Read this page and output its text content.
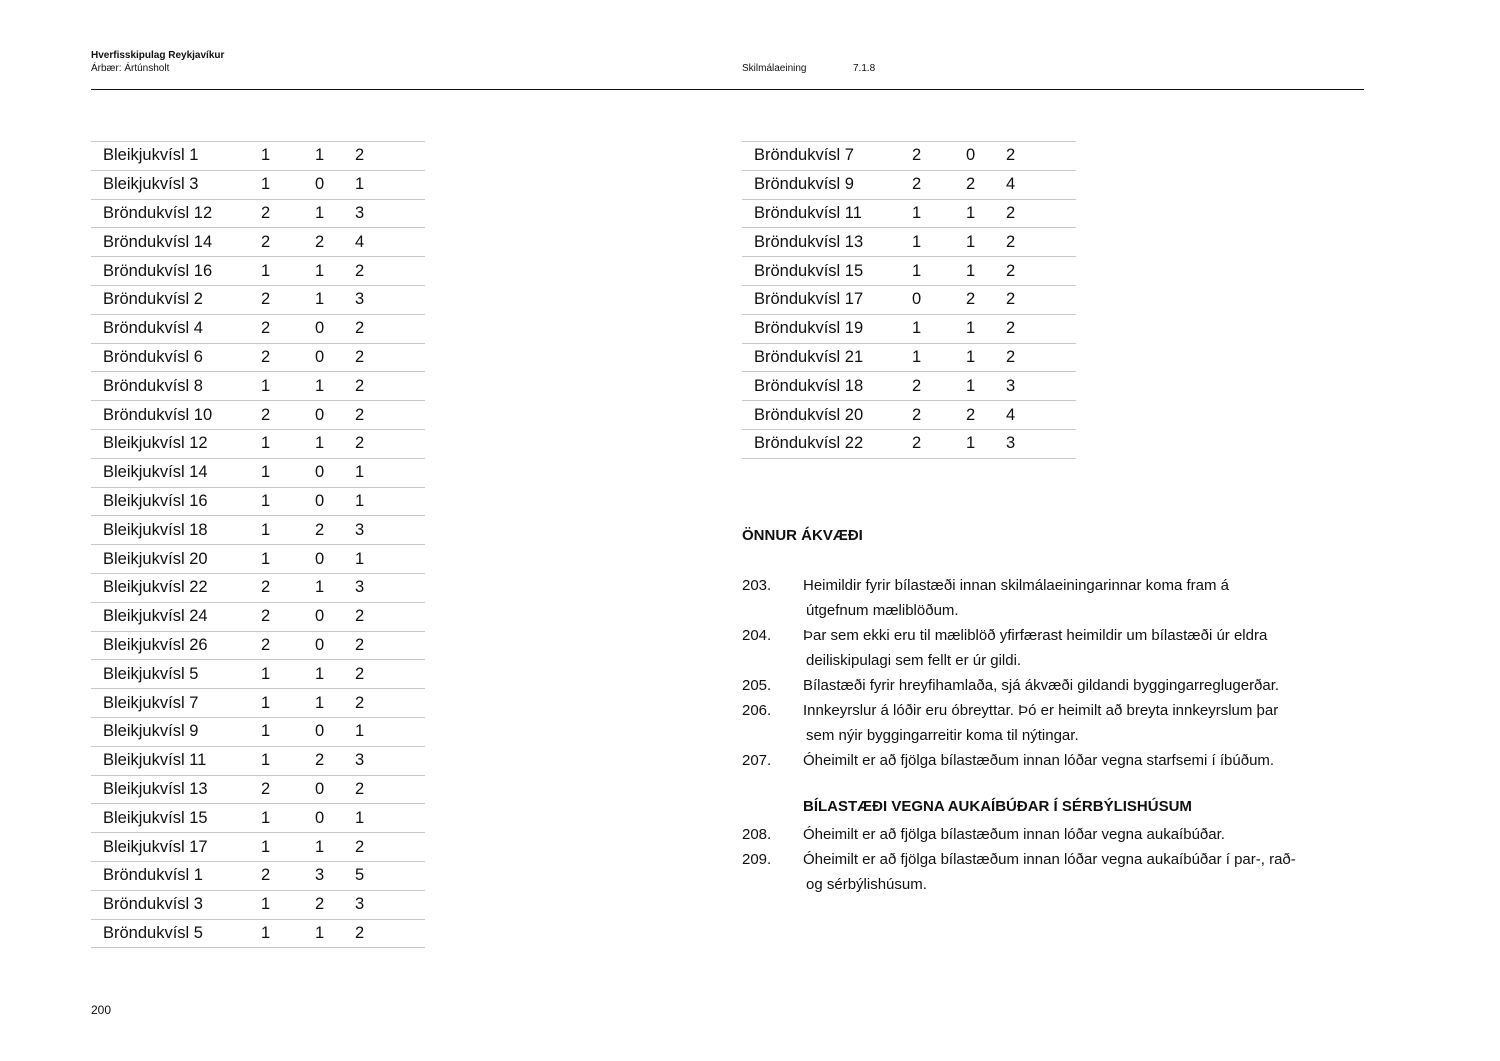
Hverfisskipulag Reykjavíkur
Árbær: Ártúnsholt	Skilmálaeining	7.1.8
Bleikjukvísl 1	1	1	2
Bleikjukvísl 3	1	0	1
Bröndukvísl 12	2	1	3
Bröndukvísl 14	2	2	4
Bröndukvísl 16	1	1	2
Bröndukvísl 2	2	1	3
Bröndukvísl 4	2	0	2
Bröndukvísl 6	2	0	2
Bröndukvísl 8	1	1	2
Bröndukvísl 10	2	0	2
Bleikjukvísl 12	1	1	2
Bleikjukvísl 14	1	0	1
Bleikjukvísl 16	1	0	1
Bleikjukvísl 18	1	2	3
Bleikjukvísl 20	1	0	1
Bleikjukvísl 22	2	1	3
Bleikjukvísl 24	2	0	2
Bleikjukvísl 26	2	0	2
Bleikjukvísl 5	1	1	2
Bleikjukvísl 7	1	1	2
Bleikjukvísl 9	1	0	1
Bleikjukvísl 11	1	2	3
Bleikjukvísl 13	2	0	2
Bleikjukvísl 15	1	0	1
Bleikjukvísl 17	1	1	2
Bröndukvísl 1	2	3	5
Bröndukvísl 3	1	2	3
Bröndukvísl 5	1	1	2
Bröndukvísl 7	2	0	2
Bröndukvísl 9	2	2	4
Bröndukvísl 11	1	1	2
Bröndukvísl 13	1	1	2
Bröndukvísl 15	1	1	2
Bröndukvísl 17	0	2	2
Bröndukvísl 19	1	1	2
Bröndukvísl 21	1	1	2
Bröndukvísl 18	2	1	3
Bröndukvísl 20	2	2	4
Bröndukvísl 22	2	1	3
ÖNNUR ÁKVÆÐI
203. Heimildir fyrir bílastæði innan skilmálaeiningarinnar koma fram á
útgefnum mæliblöðum.
204. Þar sem ekki eru til mæliblöð yfirfærast heimildir um bílastæði úr eldra
deiliskipulagi sem fellt er úr gildi.
205. Bílastæði fyrir hreyfihamlaða, sjá ákvæði gildandi byggingarreglugerðar.
206. Innkeyrslur á lóðir eru óbreyttar. Þó er heimilt að breyta innkeyrslum þar
sem nýir byggingarreitir koma til nýtingar.
207. Óheimilt er að fjölga bílastæðum innan lóðar vegna starfsemi í íbúðum.
BÍLASTÆÐI VEGNA AUKAÍBÚÐAR Í SÉRBÝLISHÚSUM
208. Óheimilt er að fjölga bílastæðum innan lóðar vegna aukaíbúðar.
209. Óheimilt er að fjölga bílastæðum innan lóðar vegna aukaíbúðar í par-, rað-
og sérbýlishúsum.
200
